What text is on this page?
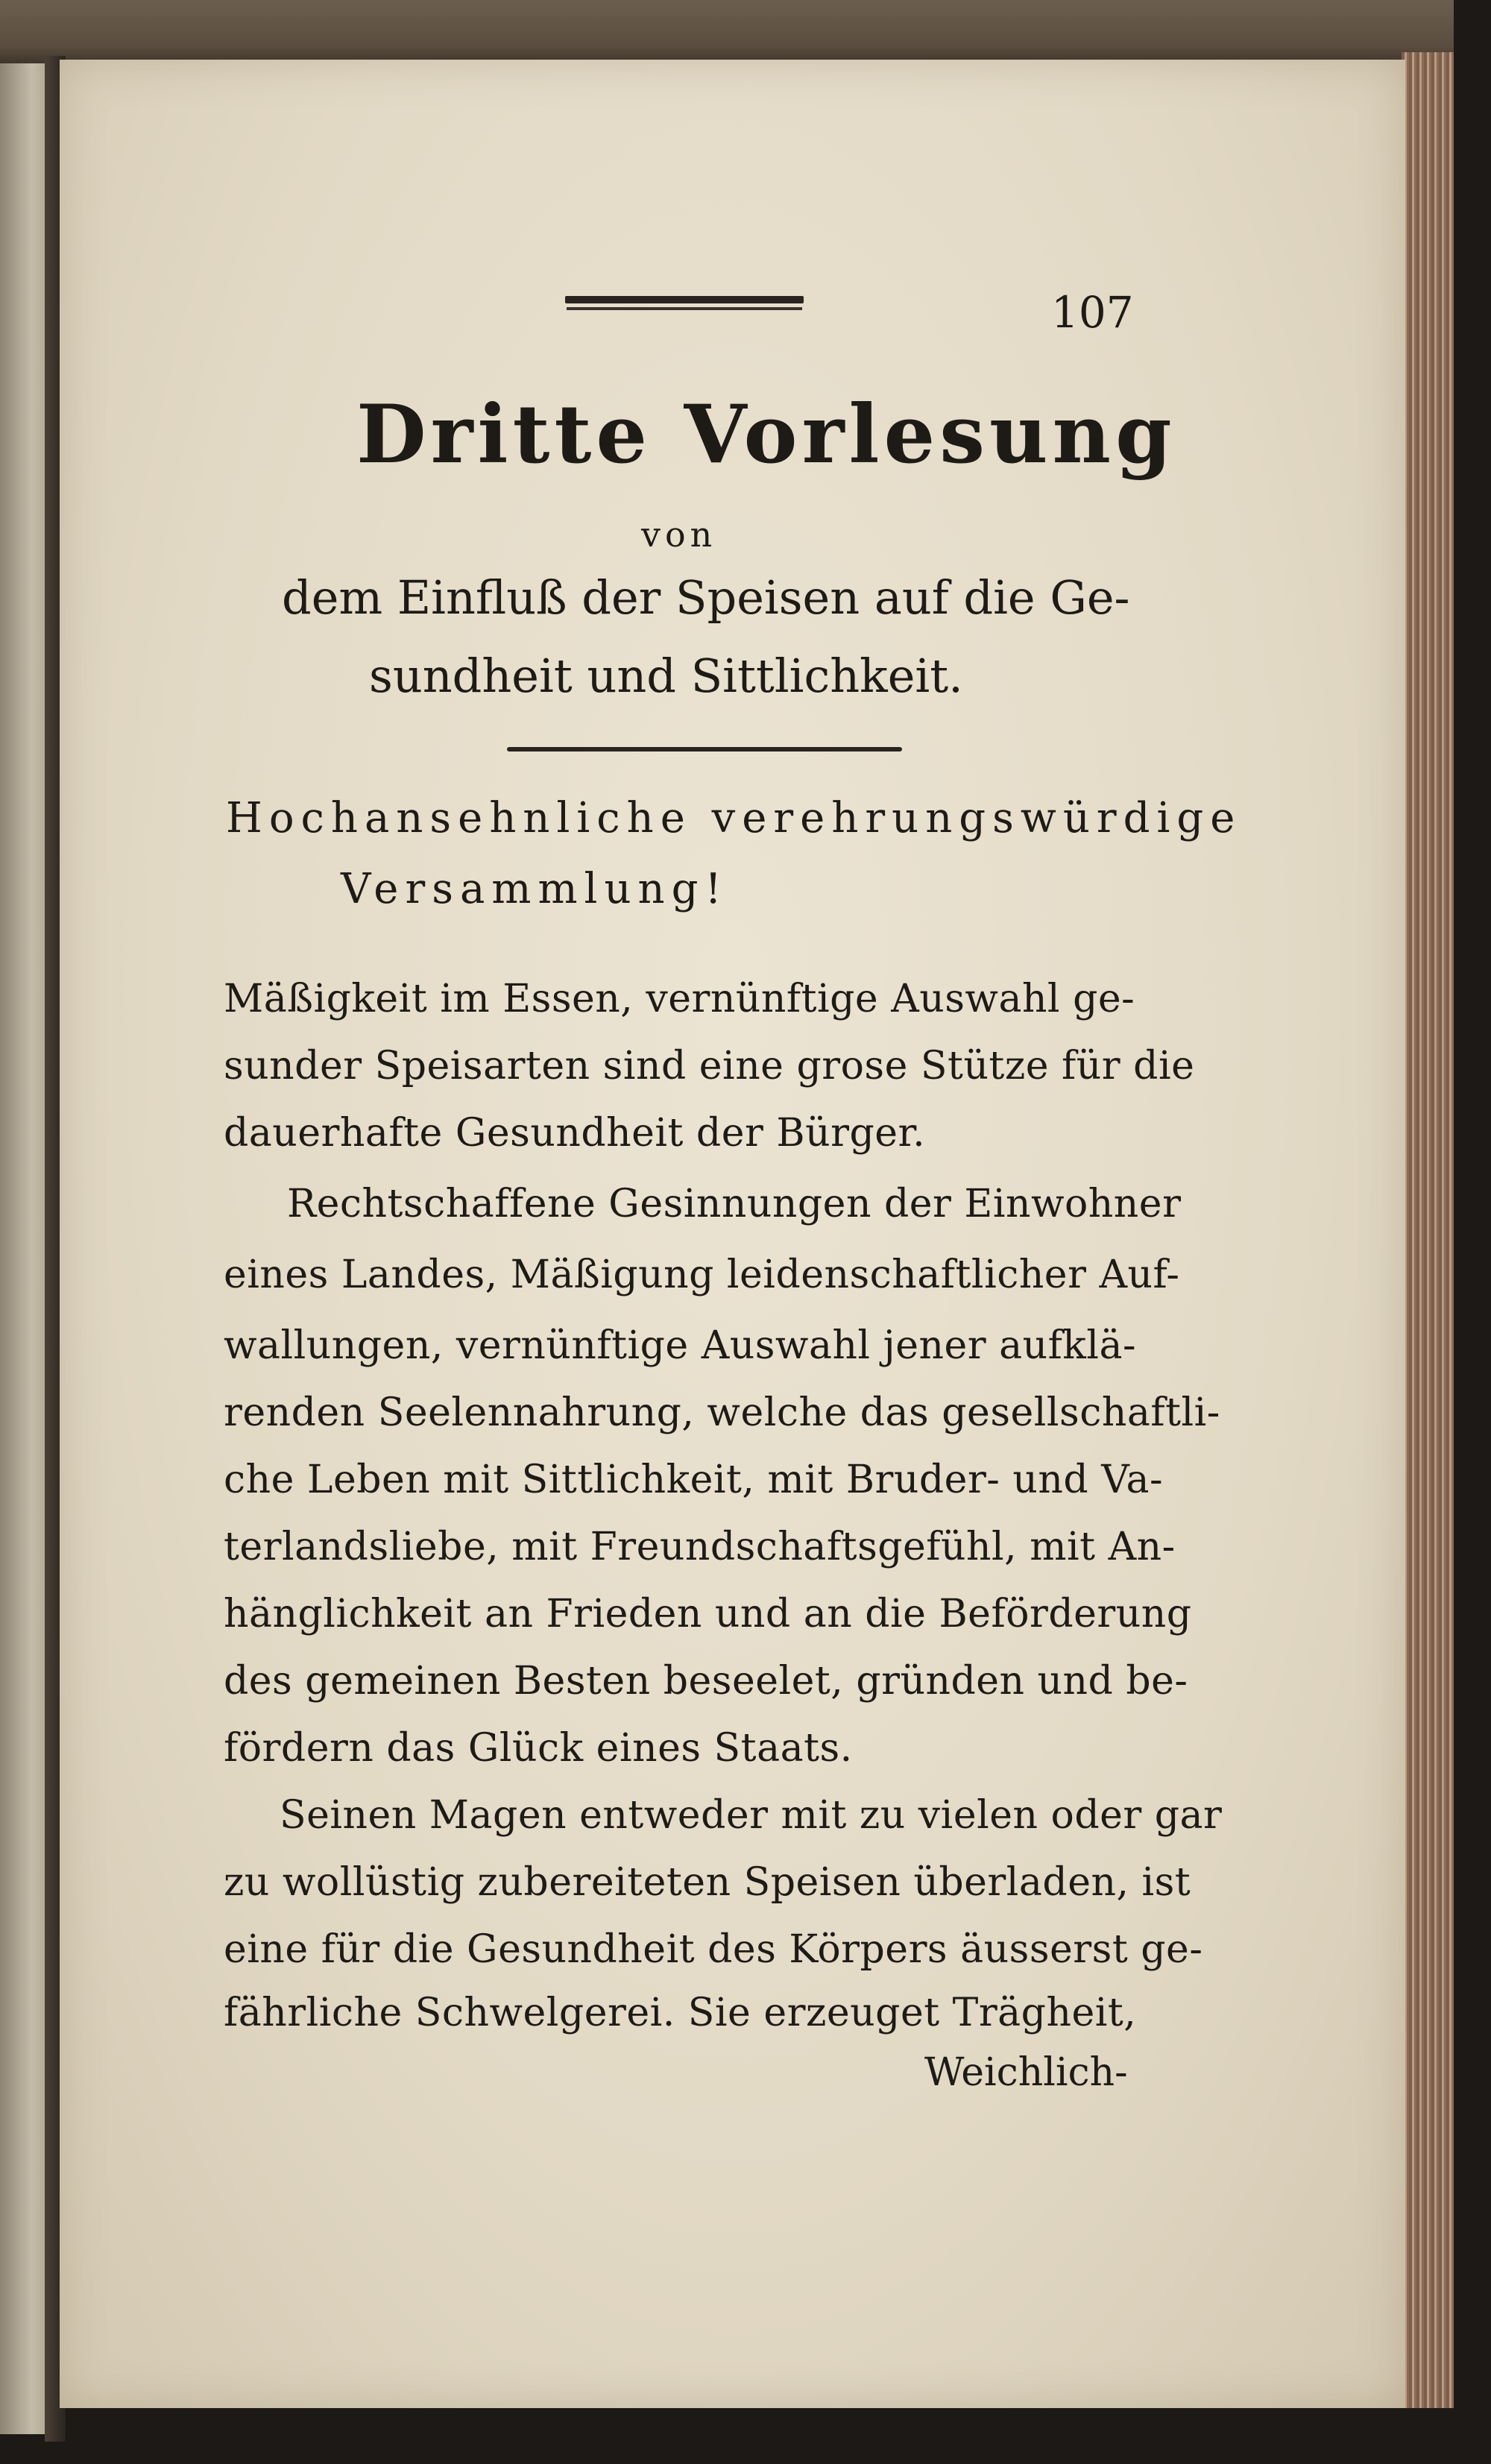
107
Dritte Vorlesung
von
dem Einfluß der Speisen auf die Ge-
sundheit und Sittlichkeit.
Hochansehnliche verehrungswürdige
Versammlung!
Mäßigkeit im Essen, vernünftige Auswahl ge-
sunder Speisarten sind eine grose Stütze für die
dauerhafte Gesundheit der Bürger.
Rechtschaffene Gesinnungen der Einwohner
eines Landes, Mäßigung leidenschaftlicher Auf-
wallungen, vernünftige Auswahl jener aufklä-
renden Seelennahrung, welche das gesellschaftli-
che Leben mit Sittlichkeit, mit Bruder- und Va-
terlandsliebe, mit Freundschaftsgefühl, mit An-
hänglichkeit an Frieden und an die Beförderung
des gemeinen Besten beseelet, gründen und be-
fördern das Glück eines Staats.
Seinen Magen entweder mit zu vielen oder gar
zu wollüstig zubereiteten Speisen überladen, ist
eine für die Gesundheit des Körpers äusserst ge-
fährliche Schwelgerei. Sie erzeuget Trägheit,
Weichlich-
